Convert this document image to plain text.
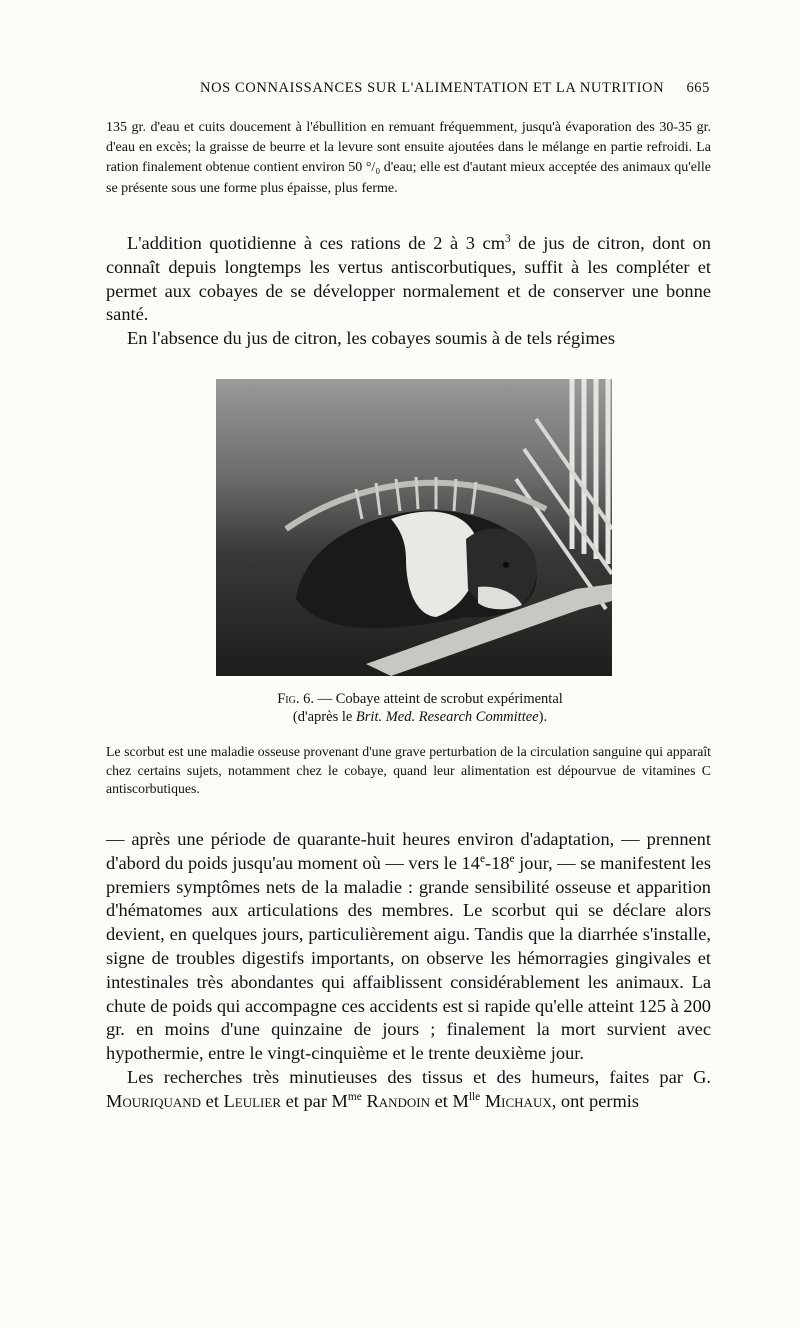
NOS CONNAISSANCES SUR L'ALIMENTATION ET LA NUTRITION 665

135 gr. d'eau et cuits doucement à l'ébullition en remuant fréquemment, jusqu'à évaporation des 30-35 gr. d'eau en excès; la graisse de beurre et la levure sont ensuite ajoutées dans le mélange en partie refroidi. La ration finalement obtenue contient environ 50 °/₀ d'eau; elle est d'autant mieux acceptée des animaux qu'elle se présente sous une forme plus épaisse, plus ferme.

L'addition quotidienne à ces rations de 2 à 3 $cm^3$ de jus de citron, dont on connaît depuis longtemps les vertus antiscorbutiques, suffit à les compléter et permet aux cobayes de se développer normalement et de conserver une bonne santé.

En l'absence du jus de citron, les cobayes soumis à de tels régimes

Fig. 6. — Cobaye atteint de scrobut expérimental
(d'après le Brit. Med. Research Committee).

Le scorbut est une maladie osseuse provenant d'une grave perturbation de la circulation sanguine qui apparaît chez certains sujets, notamment chez le cobaye, quand leur alimentation est dépourvue de vitamines C antiscorbutiques.

— après une période de quarante-huit heures environ d'adaptation, — prennent d'abord du poids jusqu'au moment où — vers le 14e-18e jour, — se manifestent les premiers symptômes nets de la maladie : grande sensibilité osseuse et apparition d'hématomes aux articulations des membres. Le scorbut qui se déclare alors devient, en quelques jours, particulièrement aigu. Tandis que la diarrhée s'installe, signe de troubles digestifs importants, on observe les hémorragies gingivales et intestinales très abondantes qui affaiblissent considérablement les animaux. La chute de poids qui accompagne ces accidents est si rapide qu'elle atteint 125 à 200 gr. en moins d'une quinzaine de jours ; finalement la mort survient avec hypothermie, entre le vingt-cinquième et le trente deuxième jour.

Les recherches très minutieuses des tissus et des humeurs, faites par G. Mouriquand et Leulier et par $M^{me}$ Randoin et $M^{lle}$ Michaux, ont permis
